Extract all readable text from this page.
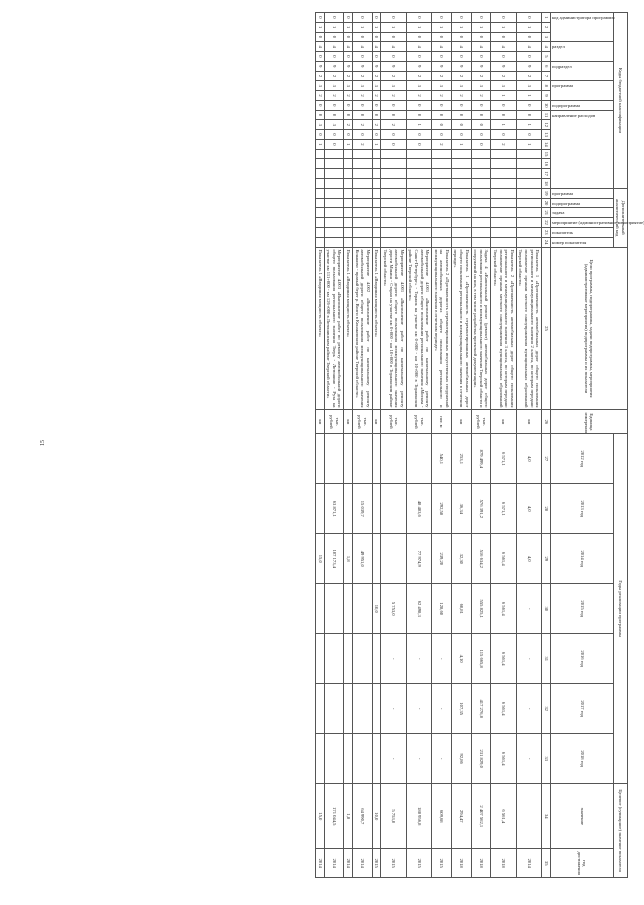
15
Коды бюджетной классификации																		Дополнительный аналитический код						Цели программы, подпрограммы, задачи подпрограммы, мероприятия (административные мероприятия) подпрограммы и их показатели	Единица измерения	Годы реализации программы							Целевое (суммарное) значение показателя	

код администратора программы			раздел		подраздел		программа		подпрограмма	направление расходов								программа	подпрограмма	задача	мероприятие (административное мероприятие)	показатель	номер показателя			2012 год	2013 год	2014 год	2015 год	2016 год	2017 год	2018 год	значение	год достижения
1	2	3	4	5	6	7	8	9	10	11	12	13	14	15	16	17	18	19	20	21	22	23	24	25	26	27	28	29	30	31	32	33	34	35
0	1	0	4	0	9	2	3	1	0	0	1	0	1											Показатель 1 «Протяженность автомобильных дорог общего пользования регионального и межмуниципального значения 2 класса, по которым передано полномочие органам местного самоуправления муниципальных образований Тверской области»	км	4,0	4,0	4,0	-	-	-	-		2014
0	1	0	4	0	9	2	3	1	0	0	1	0	2											Показатель 2 «Протяженность автомобильных дорог общего пользования регионального и межмуниципального значения 3 класса, по которым передано полномочие органам местного самоуправления муниципальных образований Тверской области»	км	6 571,1	6 571,1	6 561,4	6 561,4	6 561,4	6 561,4	6 561,4	6 561,4	2018
0	1	0	4	0	9	2	3	2	0	0	0	0	0											Задача 4 «Капитальный ремонт (ремонт) автомобильных дорог общего пользования регионального и межмуниципального значения Тверской области и сооружений на них, в том числе разработка проектной документации»	тыс. рублей	879 499,4	576 391,2	516 634,2	555 825,1	115 665,8	417 276,8	231 829,0	2 407 562,1	2018
0	1	0	4	0	9	2	3	2	0	0	0	0	1											Показатель 1 «Протяженность отремонтированных автомобильных дорог общего пользования регионального и межмуниципального значения в отчетном периоде»	км	253,1	36,34	32,30	60,81	4,10	107,35	92,86	294,47	2018
0	1	0	4	0	9	2	3	2	0	0	0	0	2											Показатель 2 «Протяженность отремонтированных искусственных сооружений на автомобильных дорогах общего пользования регионального и межмуниципального значения в отчетном периоде»	пог. м	540,1	292,58	239,20	128,60	-	-	-	609,68	2015
0	1	0	4	0	9	2	3	2	0	0	1	0	0											Мероприятие 4.001 «Выполнение работ по капитальному ремонту автомобильной дороги общего пользования регионального значения «Москва - Санкт-Петербург» - Торжок на участке км 0+000 - км 10+000 в Торжокском районе Тверской области»	тыс. рублей		48 483,6	77 974,9	62 498,3	-	-	-	188 956,8	2015
0	1	0	4	0	9	2	3	2	0	0	2	0	0											Мероприятие 4.001 «Выполнение работ по капитальному ремонту автомобильной дороги общего пользования межмуниципального значения дороги Мякиш - Старая на участке км 0+000 - км 10+000 в Торжокском районе Тверской области»	тыс. рублей				5 753,0	-	-	-	5 753,0	2015
0	1	0	4	0	9	2	3	2	0	0	2	0	1											Показатель 1 «Вводимая мощность объекта»	км				10,0				10,0	2015
0	1	0	4	0	9	2	3	2	0	0	2	0	2											Мероприятие 4.002 «Выполнение работ по капитальному ремонту автомобильной дороги общего пользования межмуниципального значения Конаково - правый берег р. Волги в Конаковском районе Тверской области»	тыс. рублей		15 039,7	49 951,0					64 990,7	2014
0	1	0	4	0	9	2	3	2	0	0	2	0	1											Показатель 1 «Вводимая мощность объекта»	км			1,8					1,8	2014
0	1	0	4	0	9	2	3	2	0	0	3	0	0											Мероприятие 4.003 «Выполнение работ по ремонту автомобильной дороги общего пользования регионального значения Тверь - Лотошино - Руза на участке км 111+000 - км 126+000 в Лотошинском районе Тверской области»	тыс. рублей		63 871,1	107 173,4					171 044,5	2014
0	1	0	4	0	9	2	3	2	0	0	3	0	1											Показатель 1 «Вводимая мощность объекта»	км			15,0					15,0	2014
